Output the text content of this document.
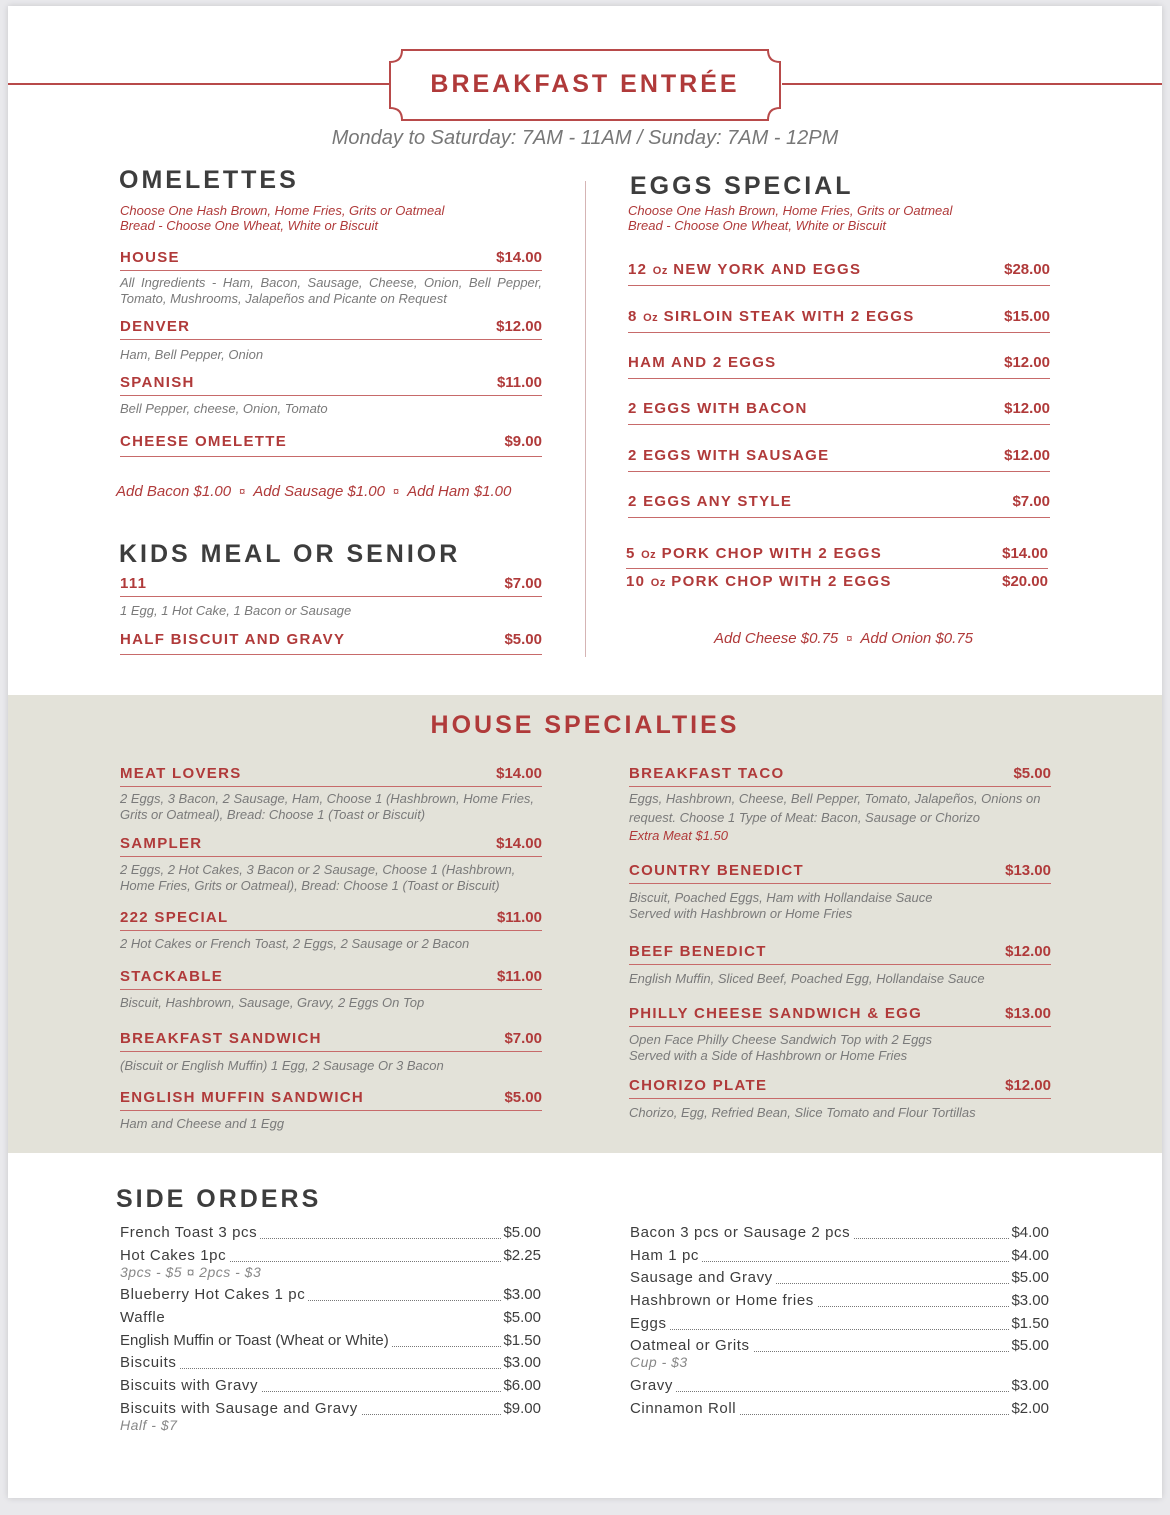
BREAKFAST ENTRÉE
Monday to Saturday: 7AM - 11AM / Sunday: 7AM - 12PM
OMELETTES
Choose One Hash Brown, Home Fries, Grits or Oatmeal
Bread - Choose One Wheat, White or Biscuit
HOUSE	$14.00
All Ingredients - Ham, Bacon, Sausage, Cheese, Onion, Bell Pepper, Tomato, Mushrooms, Jalapeños and Picante on Request
DENVER	$12.00
Ham, Bell Pepper, Onion
SPANISH	$11.00
Bell Pepper, cheese, Onion, Tomato
CHEESE OMELETTE	$9.00
Add Bacon $1.00 ¤ Add Sausage $1.00 ¤ Add Ham $1.00
KIDS MEAL OR SENIOR
111	$7.00
1 Egg, 1 Hot Cake, 1 Bacon or Sausage
HALF BISCUIT AND GRAVY	$5.00
EGGS SPECIAL
Choose One Hash Brown, Home Fries, Grits or Oatmeal
Bread - Choose One Wheat, White or Biscuit
12 Oz NEW YORK AND EGGS	$28.00
8 Oz SIRLOIN STEAK WITH 2 EGGS	$15.00
HAM AND 2 EGGS	$12.00
2 EGGS WITH BACON	$12.00
2 EGGS WITH SAUSAGE	$12.00
2 EGGS ANY STYLE	$7.00
5 Oz PORK CHOP WITH 2 EGGS	$14.00
10 Oz PORK CHOP WITH 2 EGGS	$20.00
Add Cheese $0.75 ¤ Add Onion $0.75
HOUSE SPECIALTIES
MEAT LOVERS	$14.00
2 Eggs, 3 Bacon, 2 Sausage, Ham, Choose 1 (Hashbrown, Home Fries, Grits or Oatmeal), Bread: Choose 1 (Toast or Biscuit)
SAMPLER	$14.00
2 Eggs, 2 Hot Cakes, 3 Bacon or 2 Sausage, Choose 1 (Hashbrown, Home Fries, Grits or Oatmeal), Bread: Choose 1 (Toast or Biscuit)
222 SPECIAL	$11.00
2 Hot Cakes or French Toast, 2 Eggs, 2 Sausage or 2 Bacon
STACKABLE	$11.00
Biscuit, Hashbrown, Sausage, Gravy, 2 Eggs On Top
BREAKFAST SANDWICH	$7.00
(Biscuit or English Muffin) 1 Egg, 2 Sausage Or 3 Bacon
ENGLISH MUFFIN SANDWICH	$5.00
Ham and Cheese and 1 Egg
BREAKFAST TACO	$5.00
Eggs, Hashbrown, Cheese, Bell Pepper, Tomato, Jalapeños, Onions on request. Choose 1 Type of Meat: Bacon, Sausage or Chorizo
Extra Meat $1.50
COUNTRY BENEDICT	$13.00
Biscuit, Poached Eggs, Ham with Hollandaise Sauce Served with Hashbrown or Home Fries
BEEF BENEDICT	$12.00
English Muffin, Sliced Beef, Poached Egg, Hollandaise Sauce
PHILLY CHEESE SANDWICH & EGG	$13.00
Open Face Philly Cheese Sandwich Top with 2 Eggs Served with a Side of Hashbrown or Home Fries
CHORIZO PLATE	$12.00
Chorizo, Egg, Refried Bean, Slice Tomato and Flour Tortillas
SIDE ORDERS
French Toast 3 pcs	$5.00
Hot Cakes 1pc	$2.25
3pcs - $5 ¤ 2pcs - $3
Blueberry Hot Cakes 1 pc	$3.00
Waffle	$5.00
English Muffin or Toast (Wheat or White)	$1.50
Biscuits	$3.00
Biscuits with Gravy	$6.00
Biscuits with Sausage and Gravy	$9.00
Half - $7
Bacon 3 pcs or Sausage 2 pcs	$4.00
Ham 1 pc	$4.00
Sausage and Gravy	$5.00
Hashbrown or Home fries	$3.00
Eggs	$1.50
Oatmeal or Grits	$5.00
Cup - $3
Gravy	$3.00
Cinnamon Roll	$2.00
